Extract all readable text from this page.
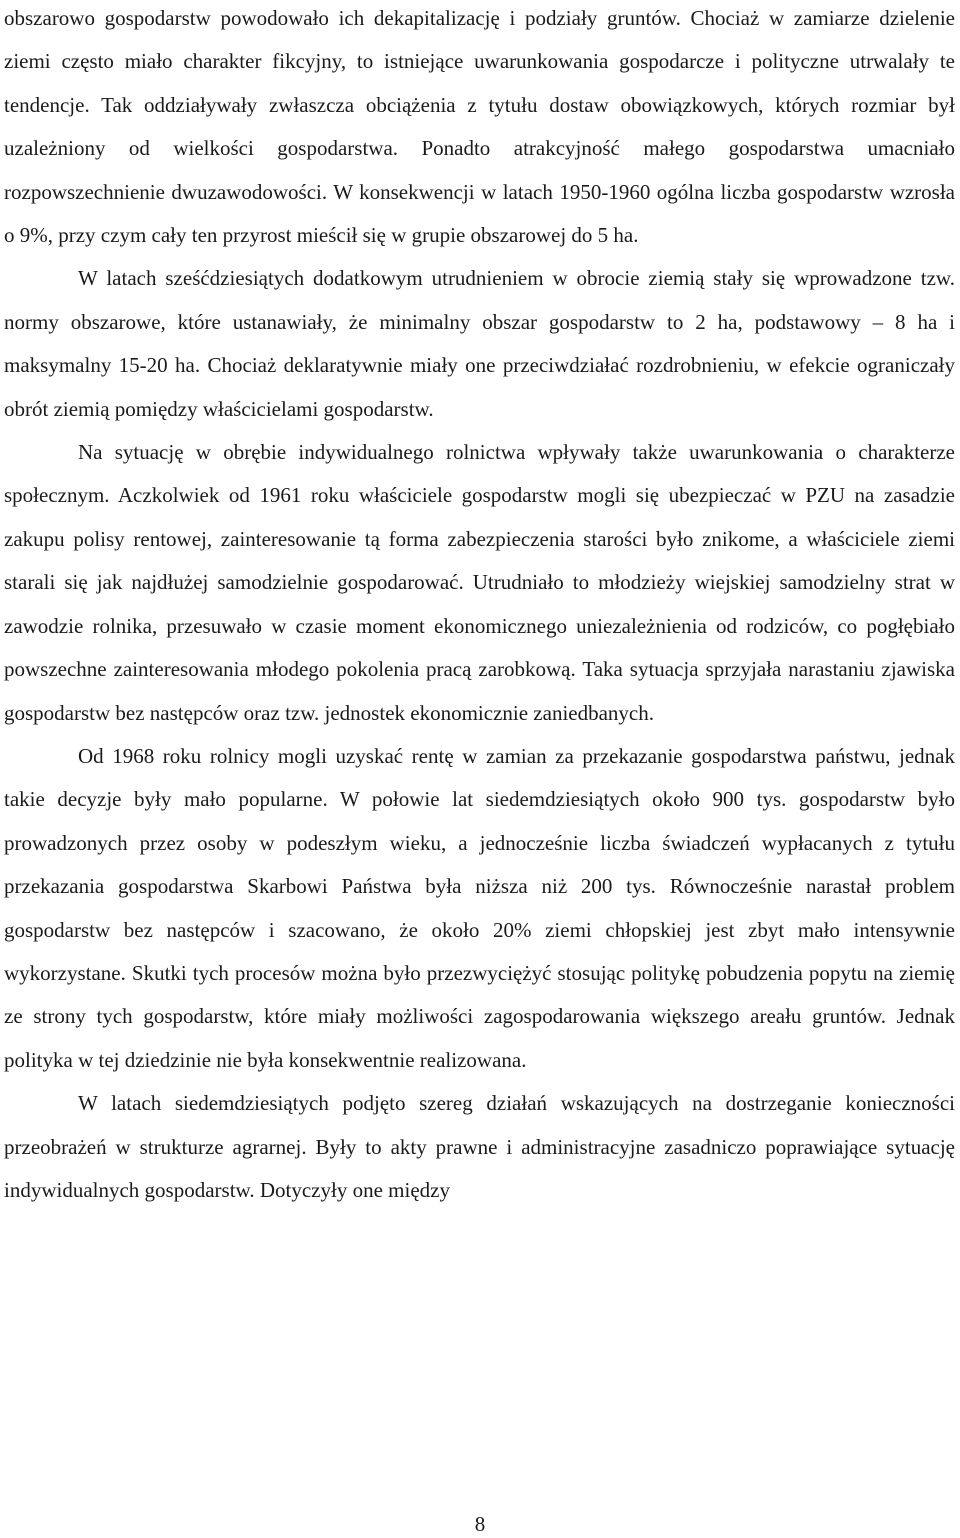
obszarowo gospodarstw powodowało ich dekapitalizację i podziały gruntów. Chociaż w zamiarze dzielenie ziemi często miało charakter fikcyjny, to istniejące uwarunkowania gospodarcze i polityczne utrwalały te tendencje. Tak oddziaływały zwłaszcza obciążenia z tytułu dostaw obowiązkowych, których rozmiar był uzależniony od wielkości gospodarstwa. Ponadto atrakcyjność małego gospodarstwa umacniało rozpowszechnienie dwuzawodowości. W konsekwencji w latach 1950-1960 ogólna liczba gospodarstw wzrosła o 9%, przy czym cały ten przyrost mieścił się w grupie obszarowej do 5 ha.

W latach sześćdziesiątych dodatkowym utrudnieniem w obrocie ziemią stały się wprowadzone tzw. normy obszarowe, które ustanawiały, że minimalny obszar gospodarstw to 2 ha, podstawowy – 8 ha i maksymalny 15-20 ha. Chociaż deklaratywnie miały one przeciwdziałać rozdrobnieniu, w efekcie ograniczały obrót ziemią pomiędzy właścicielami gospodarstw.

Na sytuację w obrębie indywidualnego rolnictwa wpływały także uwarunkowania o charakterze społecznym. Aczkolwiek od 1961 roku właściciele gospodarstw mogli się ubezpieczać w PZU na zasadzie zakupu polisy rentowej, zainteresowanie tą forma zabezpieczenia starości było znikome, a właściciele ziemi starali się jak najdłużej samodzielnie gospodarować. Utrudniało to młodzieży wiejskiej samodzielny strat w zawodzie rolnika, przesuwało w czasie moment ekonomicznego uniezależnienia od rodziców, co pogłębiało powszechne zainteresowania młodego pokolenia pracą zarobkową. Taka sytuacja sprzyjała narastaniu zjawiska gospodarstw bez następców oraz tzw. jednostek ekonomicznie zaniedbanych.

Od 1968 roku rolnicy mogli uzyskać rentę w zamian za przekazanie gospodarstwa państwu, jednak takie decyzje były mało popularne. W połowie lat siedemdziesiątych około 900 tys. gospodarstw było prowadzonych przez osoby w podeszłym wieku, a jednocześnie liczba świadczeń wypłacanych z tytułu przekazania gospodarstwa Skarbowi Państwa była niższa niż 200 tys. Równocześnie narastał problem gospodarstw bez następców i szacowano, że około 20% ziemi chłopskiej jest zbyt mało intensywnie wykorzystane. Skutki tych procesów można było przezwyciężyć stosując politykę pobudzenia popytu na ziemię ze strony tych gospodarstw, które miały możliwości zagospodarowania większego areału gruntów. Jednak polityka w tej dziedzinie nie była konsekwentnie realizowana.

W latach siedemdziesiątych podjęto szereg działań wskazujących na dostrzeganie konieczności przeobrażeń w strukturze agrarnej. Były to akty prawne i administracyjne zasadniczo poprawiające sytuację indywidualnych gospodarstw. Dotyczyły one między

8
